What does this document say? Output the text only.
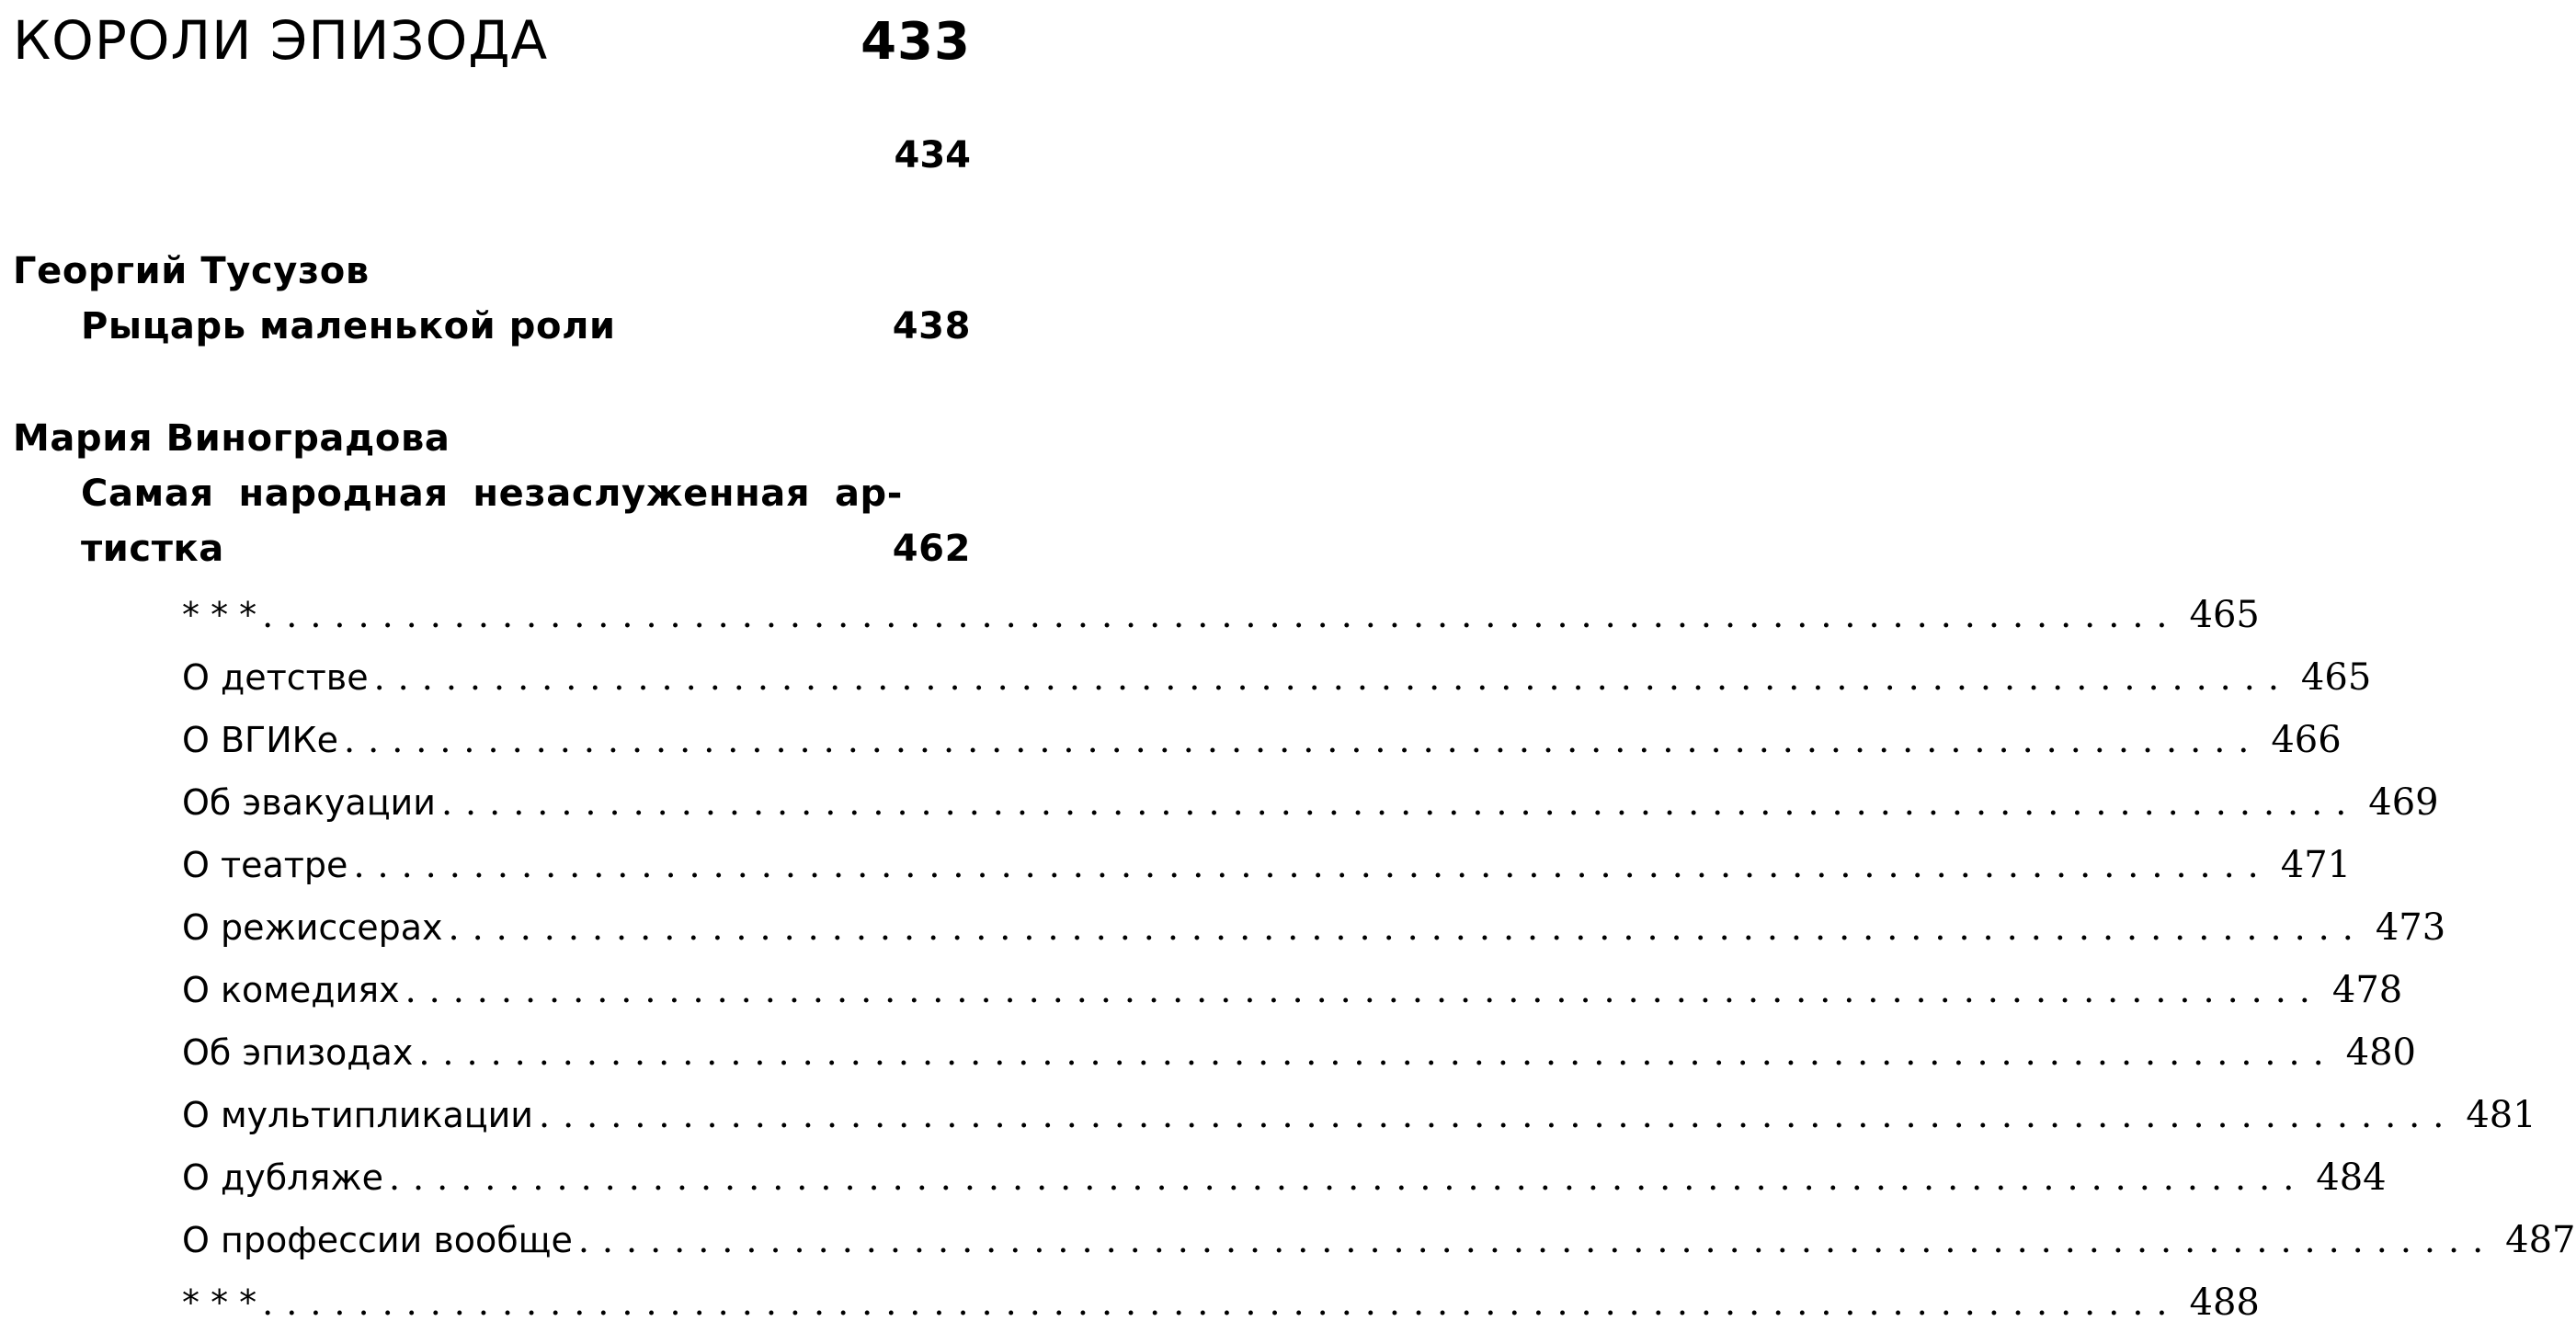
КОРОЛИ ЭПИЗОДА	433
434
Георгий Тусузов
Рыцарь маленькой роли	438
Мария Виноградова
Самая народная незаслуженная ар-
тистка	462
* * * ................................................................................ 465
О детстве ................................................................................ 465
О ВГИКе ................................................................................ 466
Об эвакуации ................................................................................ 469
О театре ................................................................................ 471
О режиссерах ................................................................................ 473
О комедиях ................................................................................ 478
Об эпизодах ................................................................................ 480
О мультипликации ................................................................................ 481
О дубляже ................................................................................ 484
О профессии вообще ................................................................................ 487
* * * ................................................................................ 488
